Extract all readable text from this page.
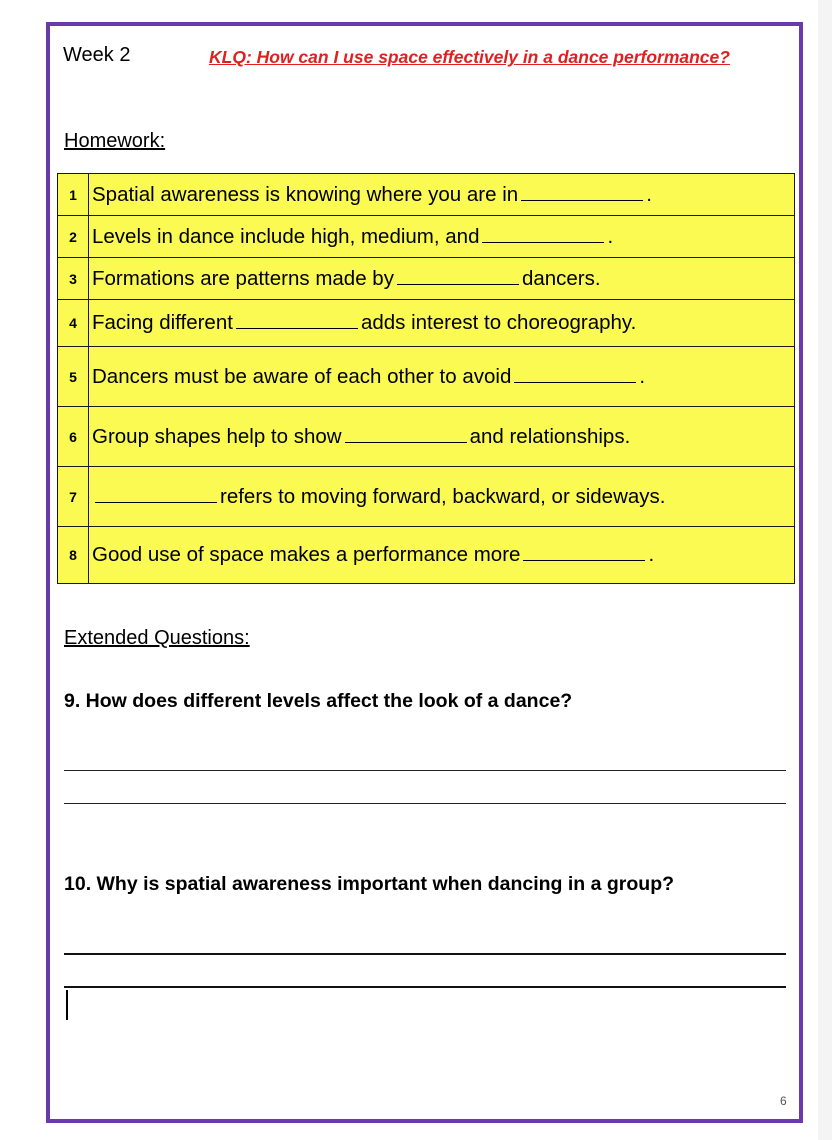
Week 2	KLQ: How can I use space effectively in a dance performance?
Homework:
1	Spatial awareness is knowing where you are in .
2	Levels in dance include high, medium, and .
3	Formations are patterns made by dancers.
4	Facing different adds interest to choreography.
5	Dancers must be aware of each other to avoid .
6	Group shapes help to show and relationships.
7	refers to moving forward, backward, or sideways.
8	Good use of space makes a performance more .
Extended Questions:
9. How does different levels affect the look of a dance?
10. Why is spatial awareness important when dancing in a group?
6
